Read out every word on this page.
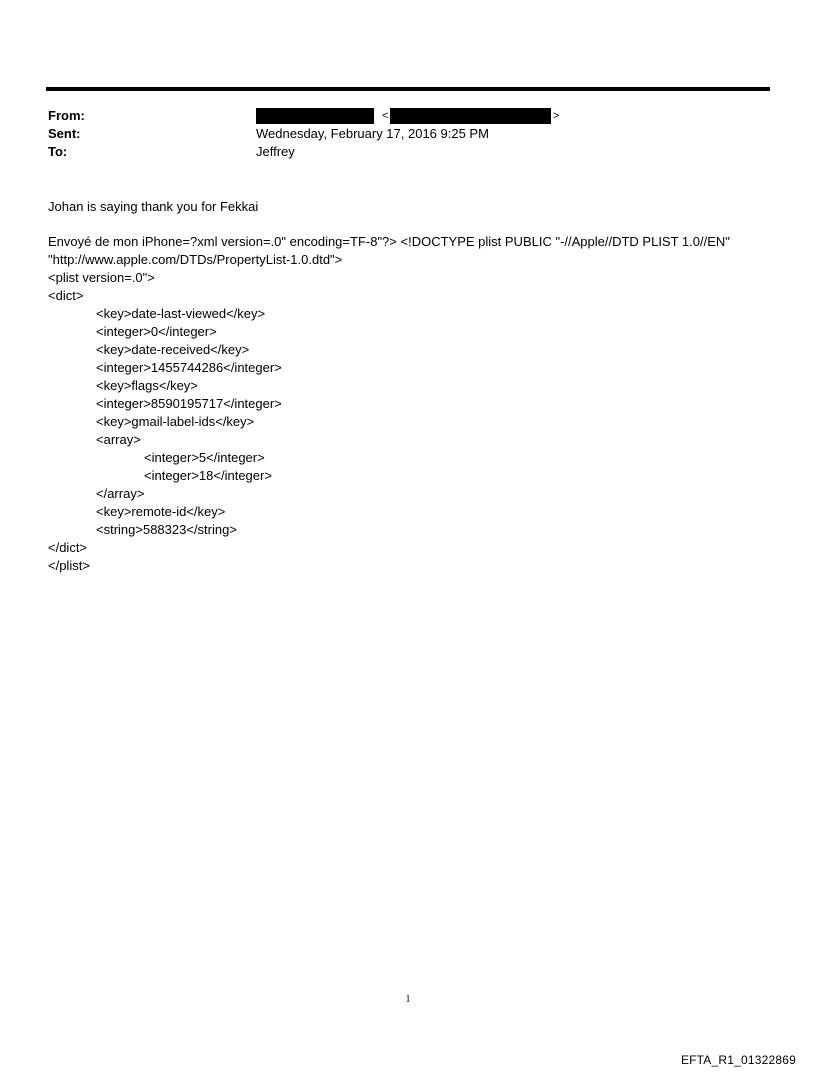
From:	<	>
Sent:	Wednesday, February 17, 2016 9:25 PM
To:	Jeffrey
Johan is saying thank you for Fekkai
Envoyé de mon iPhone=?xml version=.0" encoding=TF-8"?> <!DOCTYPE plist PUBLIC "-//Apple//DTD PLIST 1.0//EN"
"http://www.apple.com/DTDs/PropertyList-1.0.dtd">
<plist version=.0">
<dict>
<key>date-last-viewed</key>
<integer>0</integer>
<key>date-received</key>
<integer>1455744286</integer>
<key>flags</key>
<integer>8590195717</integer>
<key>gmail-label-ids</key>
<array>
<integer>5</integer>
<integer>18</integer>
</array>
<key>remote-id</key>
<string>588323</string>
</dict>
</plist>
1
EFTA_R1_01322869
